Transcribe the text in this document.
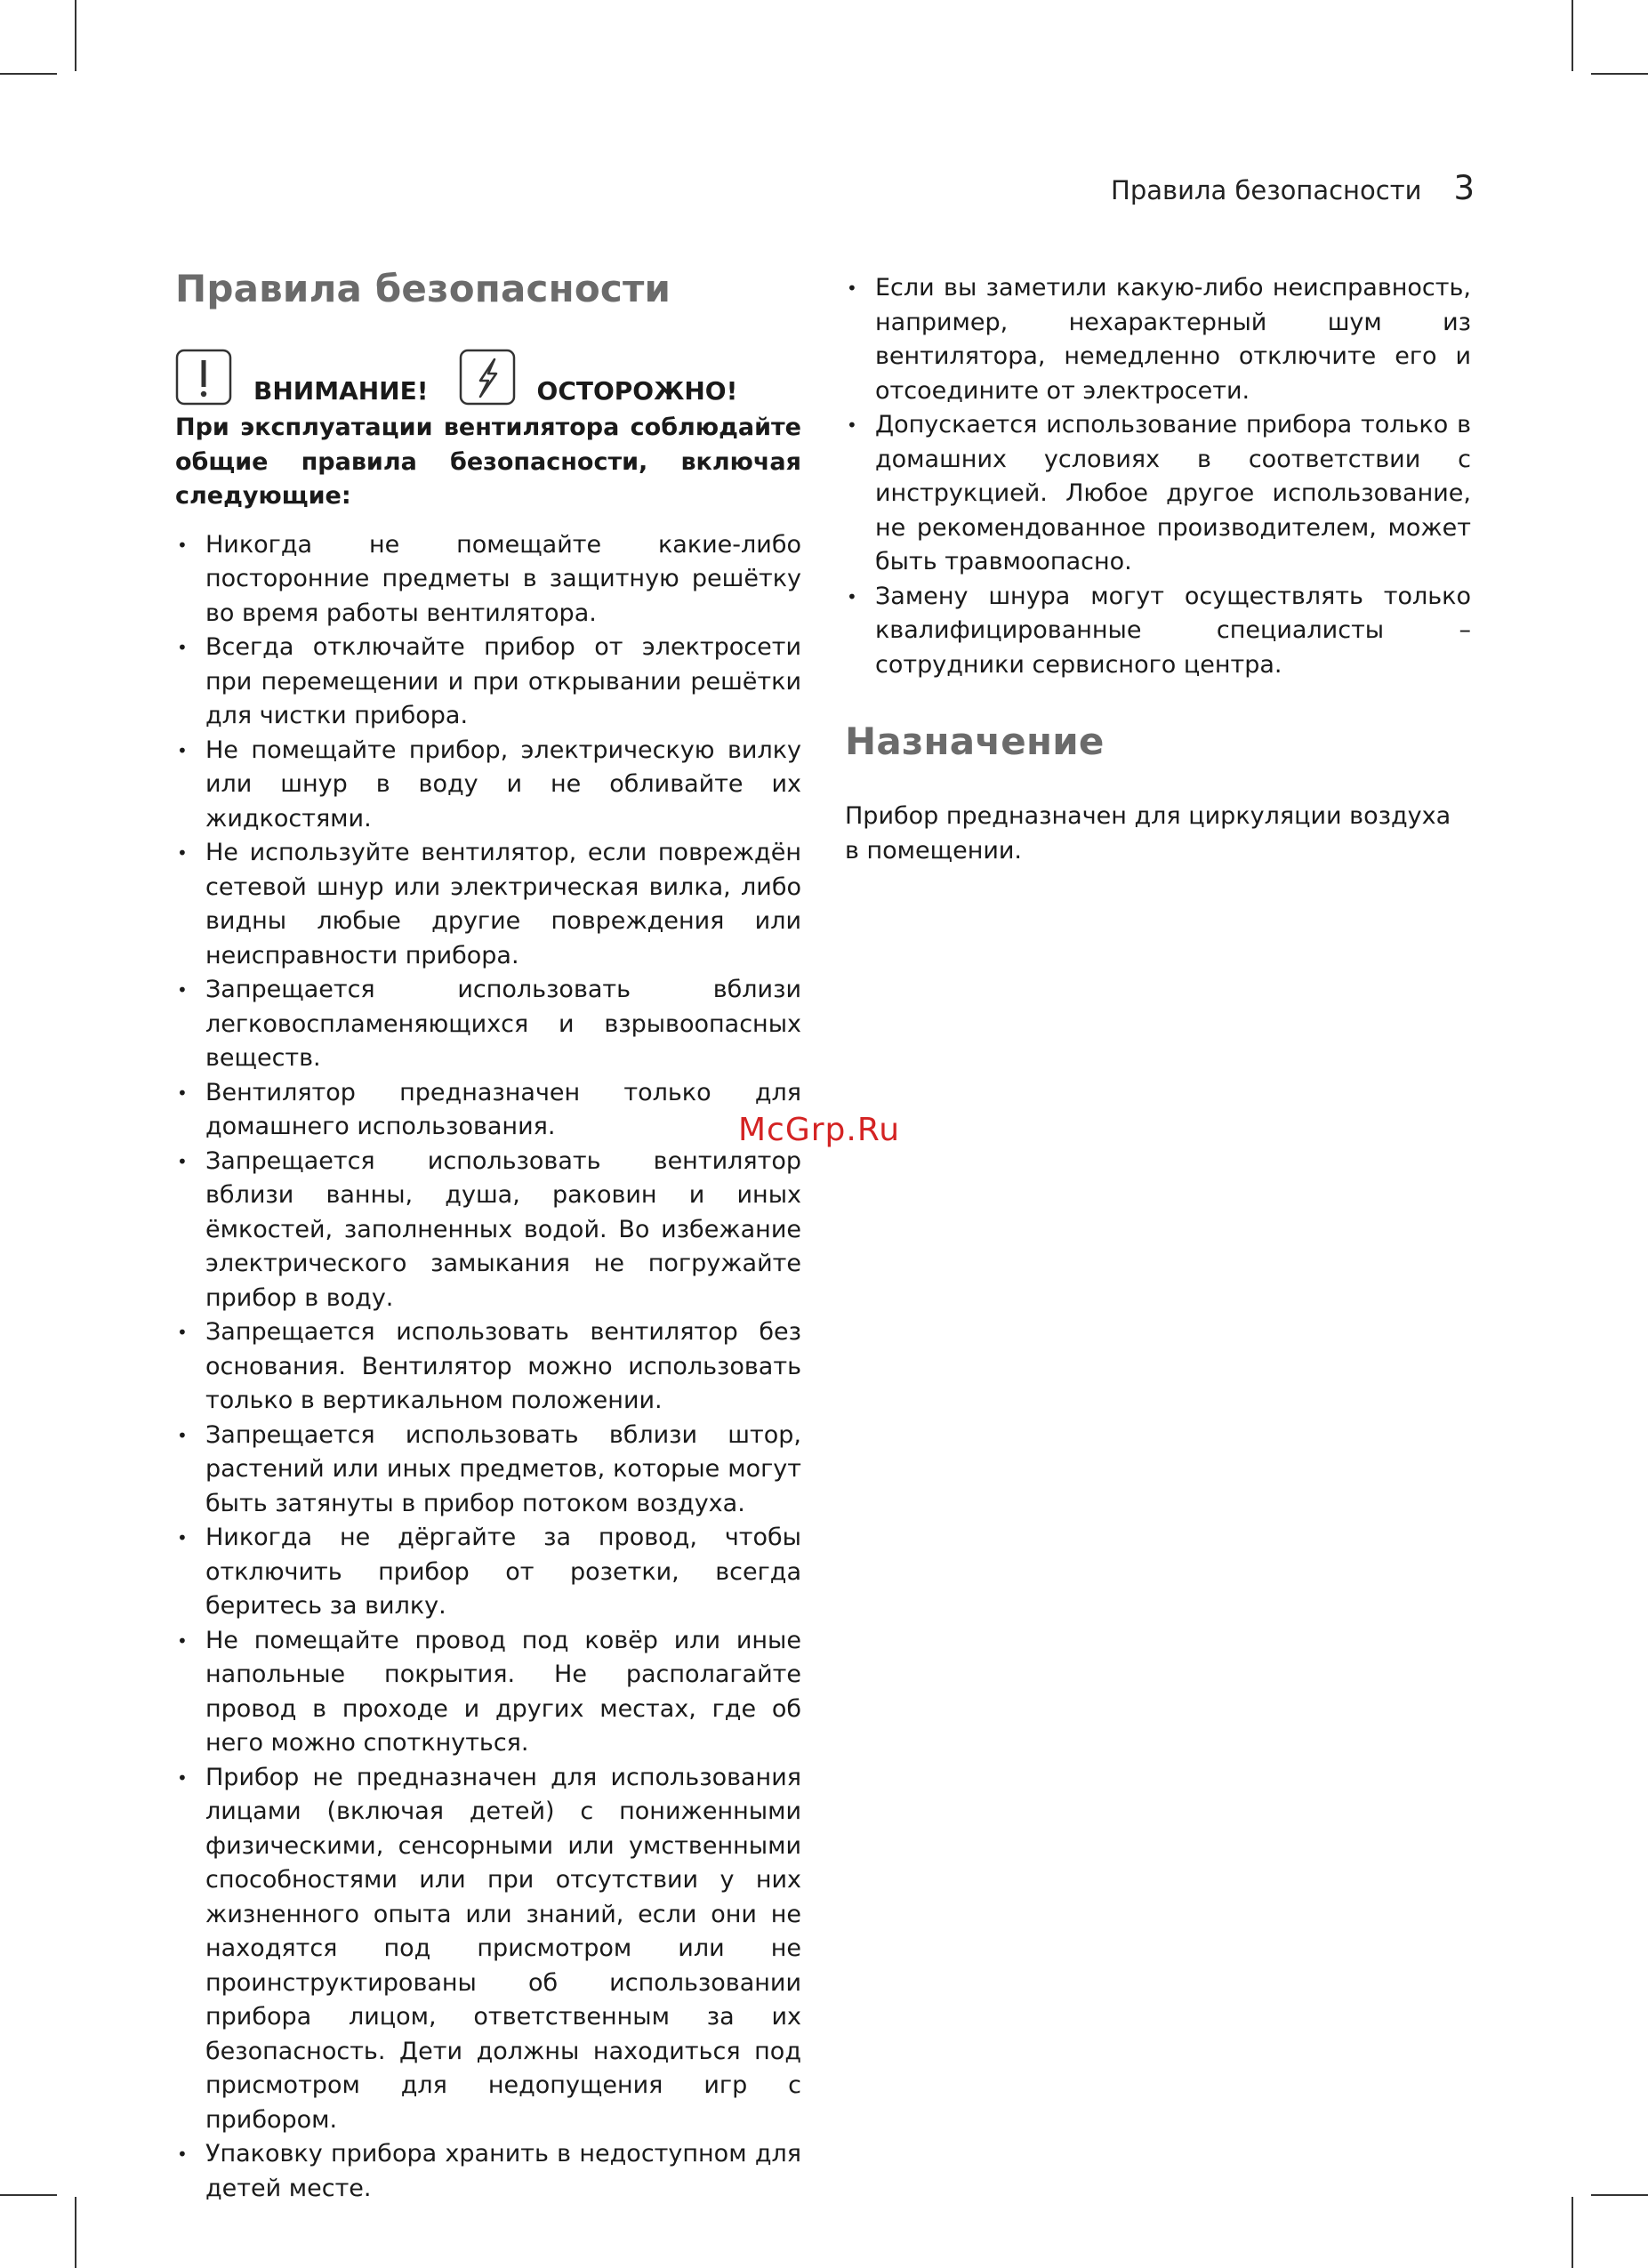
Правила безопасности 3
Правила безопасности
ВНИМАНИЕ!	ОСТОРОЖНО!

При эксплуатации вентилятора соблюдайте общие правила безопасности, включая следующие:

• Никогда не помещайте какие-либо посторонние предметы в защитную решётку во время работы вентилятора.
• Всегда отключайте прибор от электросети при перемещении и при открывании решётки для чистки прибора.
• Не помещайте прибор, электрическую вилку или шнур в воду и не обливайте их жидкостями.
• Не используйте вентилятор, если повреждён сетевой шнур или электрическая вилка, либо видны любые другие повреждения или неисправности прибора.
• Запрещается использовать вблизи легковоспламеняющихся и взрывоопасных веществ.
• Вентилятор предназначен только для домашнего использования.
• Запрещается использовать вентилятор вблизи ванны, душа, раковин и иных ёмкостей, заполненных водой. Во избежание электрического замыкания не погружайте прибор в воду.
• Запрещается использовать вентилятор без основания. Вентилятор можно использовать только в вертикальном положении.
• Запрещается использовать вблизи штор, растений или иных предметов, которые могут быть затянуты в прибор потоком воздуха.
• Никогда не дёргайте за провод, чтобы отключить прибор от розетки, всегда беритесь за вилку.
• Не помещайте провод под ковёр или иные напольные покрытия. Не располагайте провод в проходе и других местах, где об него можно споткнуться.
• Прибор не предназначен для использования лицами (включая детей) с пониженными физическими, сенсорными или умственными способностями или при отсутствии у них жизненного опыта или знаний, если они не находятся под присмотром или не проинструктированы об использовании прибора лицом, ответственным за их безопасность. Дети должны находиться под присмотром для недопущения игр с прибором.
• Упаковку прибора хранить в недоступном для детей месте.
• Если вы заметили какую-либо неисправность, например, нехарактерный шум из вентилятора, немедленно отключите его и отсоедините от электросети.
• Допускается использование прибора только в домашних условиях в соответствии с инструкцией. Любое другое использование, не рекомендованное производителем, может быть травмоопасно.
• Замену шнура могут осуществлять только квалифицированные специалисты – сотрудники сервисного центра.
Назначение

Прибор предназначен для циркуляции воздуха в помещении.

McGrp.Ru
